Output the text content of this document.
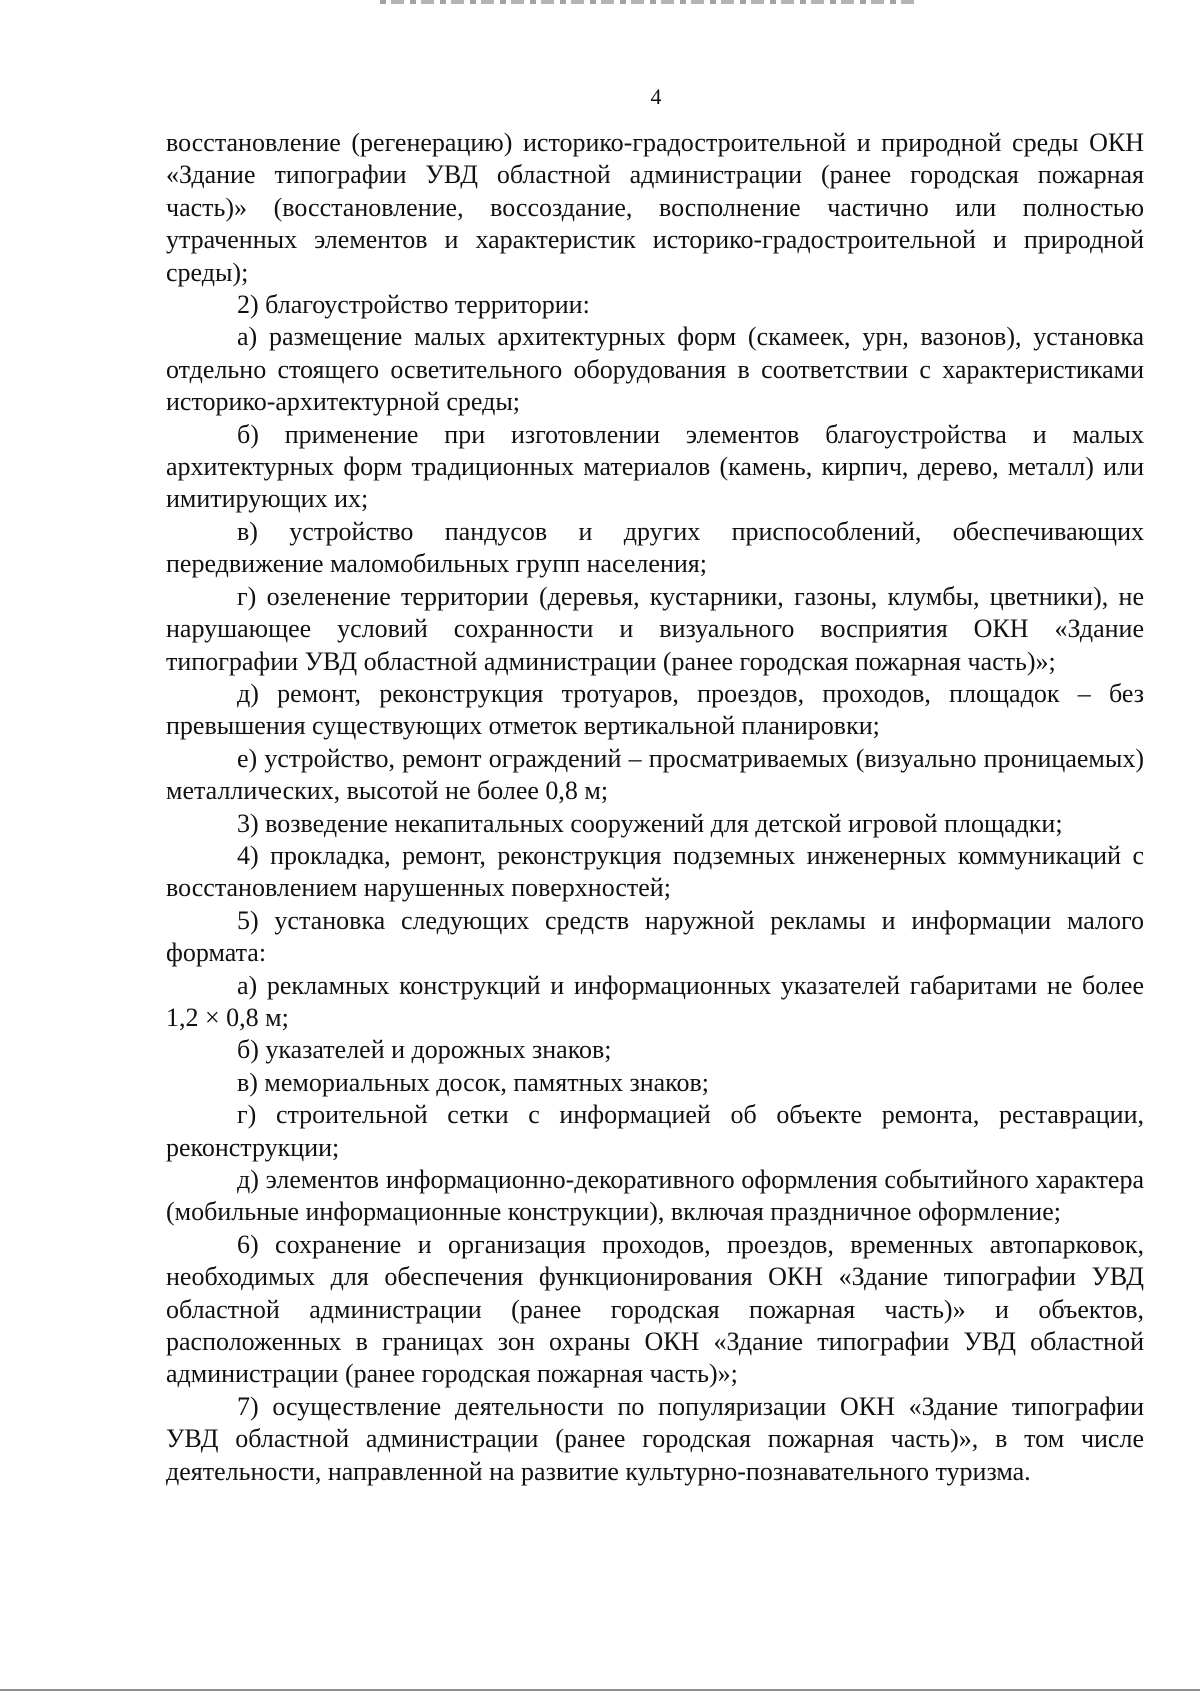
4

восстановление (регенерацию) историко-градостроительной и природной среды ОКН «Здание типографии УВД областной администрации (ранее городская пожарная часть)» (восстановление, воссоздание, восполнение частично или полностью утраченных элементов и характеристик историко-градостроительной и природной среды);

2) благоустройство территории:

а) размещение малых архитектурных форм (скамеек, урн, вазонов), установка отдельно стоящего осветительного оборудования в соответствии с характеристиками историко-архитектурной среды;

б) применение при изготовлении элементов благоустройства и малых архитектурных форм традиционных материалов (камень, кирпич, дерево, металл) или имитирующих их;

в) устройство пандусов и других приспособлений, обеспечивающих передвижение маломобильных групп населения;

г) озеленение территории (деревья, кустарники, газоны, клумбы, цветники), не нарушающее условий сохранности и визуального восприятия ОКН «Здание типографии УВД областной администрации (ранее городская пожарная часть)»;

д) ремонт, реконструкция тротуаров, проездов, проходов, площадок – без превышения существующих отметок вертикальной планировки;

е) устройство, ремонт ограждений – просматриваемых (визуально проницаемых) металлических, высотой не более 0,8 м;

3) возведение некапитальных сооружений для детской игровой площадки;

4) прокладка, ремонт, реконструкция подземных инженерных коммуникаций с восстановлением нарушенных поверхностей;

5) установка следующих средств наружной рекламы и информации малого формата:

а) рекламных конструкций и информационных указателей габаритами не более 1,2 × 0,8 м;

б) указателей и дорожных знаков;

в) мемориальных досок, памятных знаков;

г) строительной сетки с информацией об объекте ремонта, реставрации, реконструкции;

д) элементов информационно-декоративного оформления событийного характера (мобильные информационные конструкции), включая праздничное оформление;

6) сохранение и организация проходов, проездов, временных автопарковок, необходимых для обеспечения функционирования ОКН «Здание типографии УВД областной администрации (ранее городская пожарная часть)» и объектов, расположенных в границах зон охраны ОКН «Здание типографии УВД областной администрации (ранее городская пожарная часть)»;

7) осуществление деятельности по популяризации ОКН «Здание типографии УВД областной администрации (ранее городская пожарная часть)», в том числе деятельности, направленной на развитие культурно-познавательного туризма.
